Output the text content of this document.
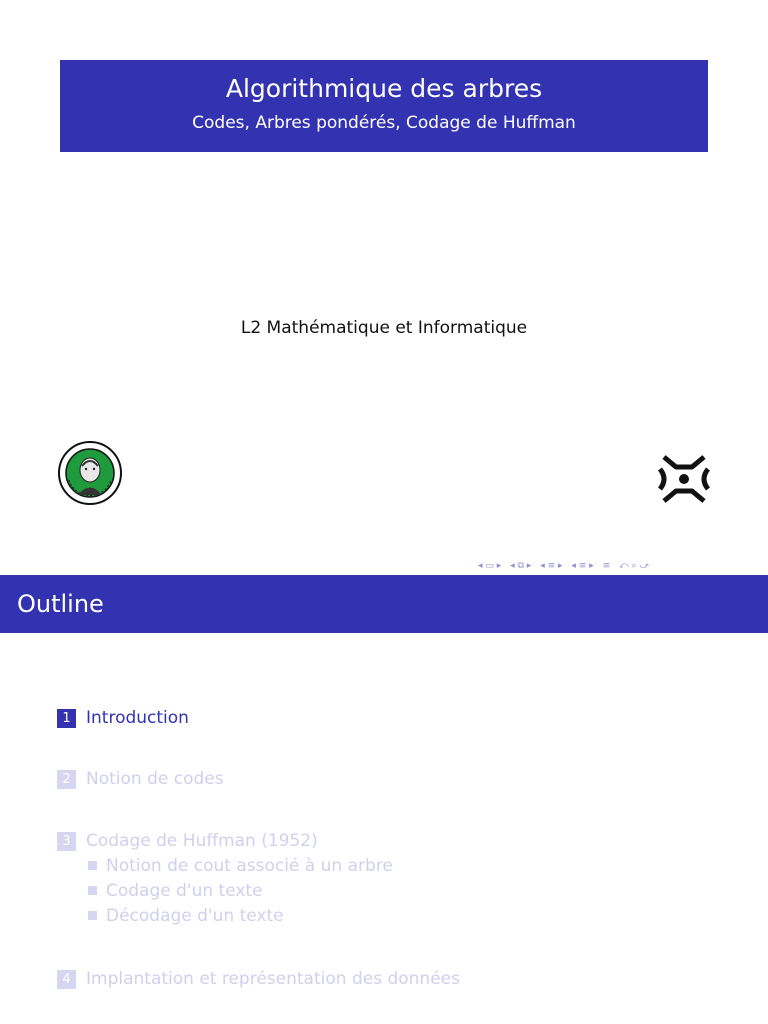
Algorithmique des arbres
Codes, Arbres pondérés, Codage de Huffman
L2 Mathématique et Informatique
◂ ▭ ▸ ◂ ⧉ ▸ ◂ ≡ ▸ ◂ ≡ ▸ ≡ ⤺ ⌕ ⤻
Outline
1 Introduction
2 Notion de codes
3 Codage de Huffman (1952)
Notion de cout associé à un arbre
Codage d'un texte
Décodage d'un texte
4 Implantation et représentation des données
